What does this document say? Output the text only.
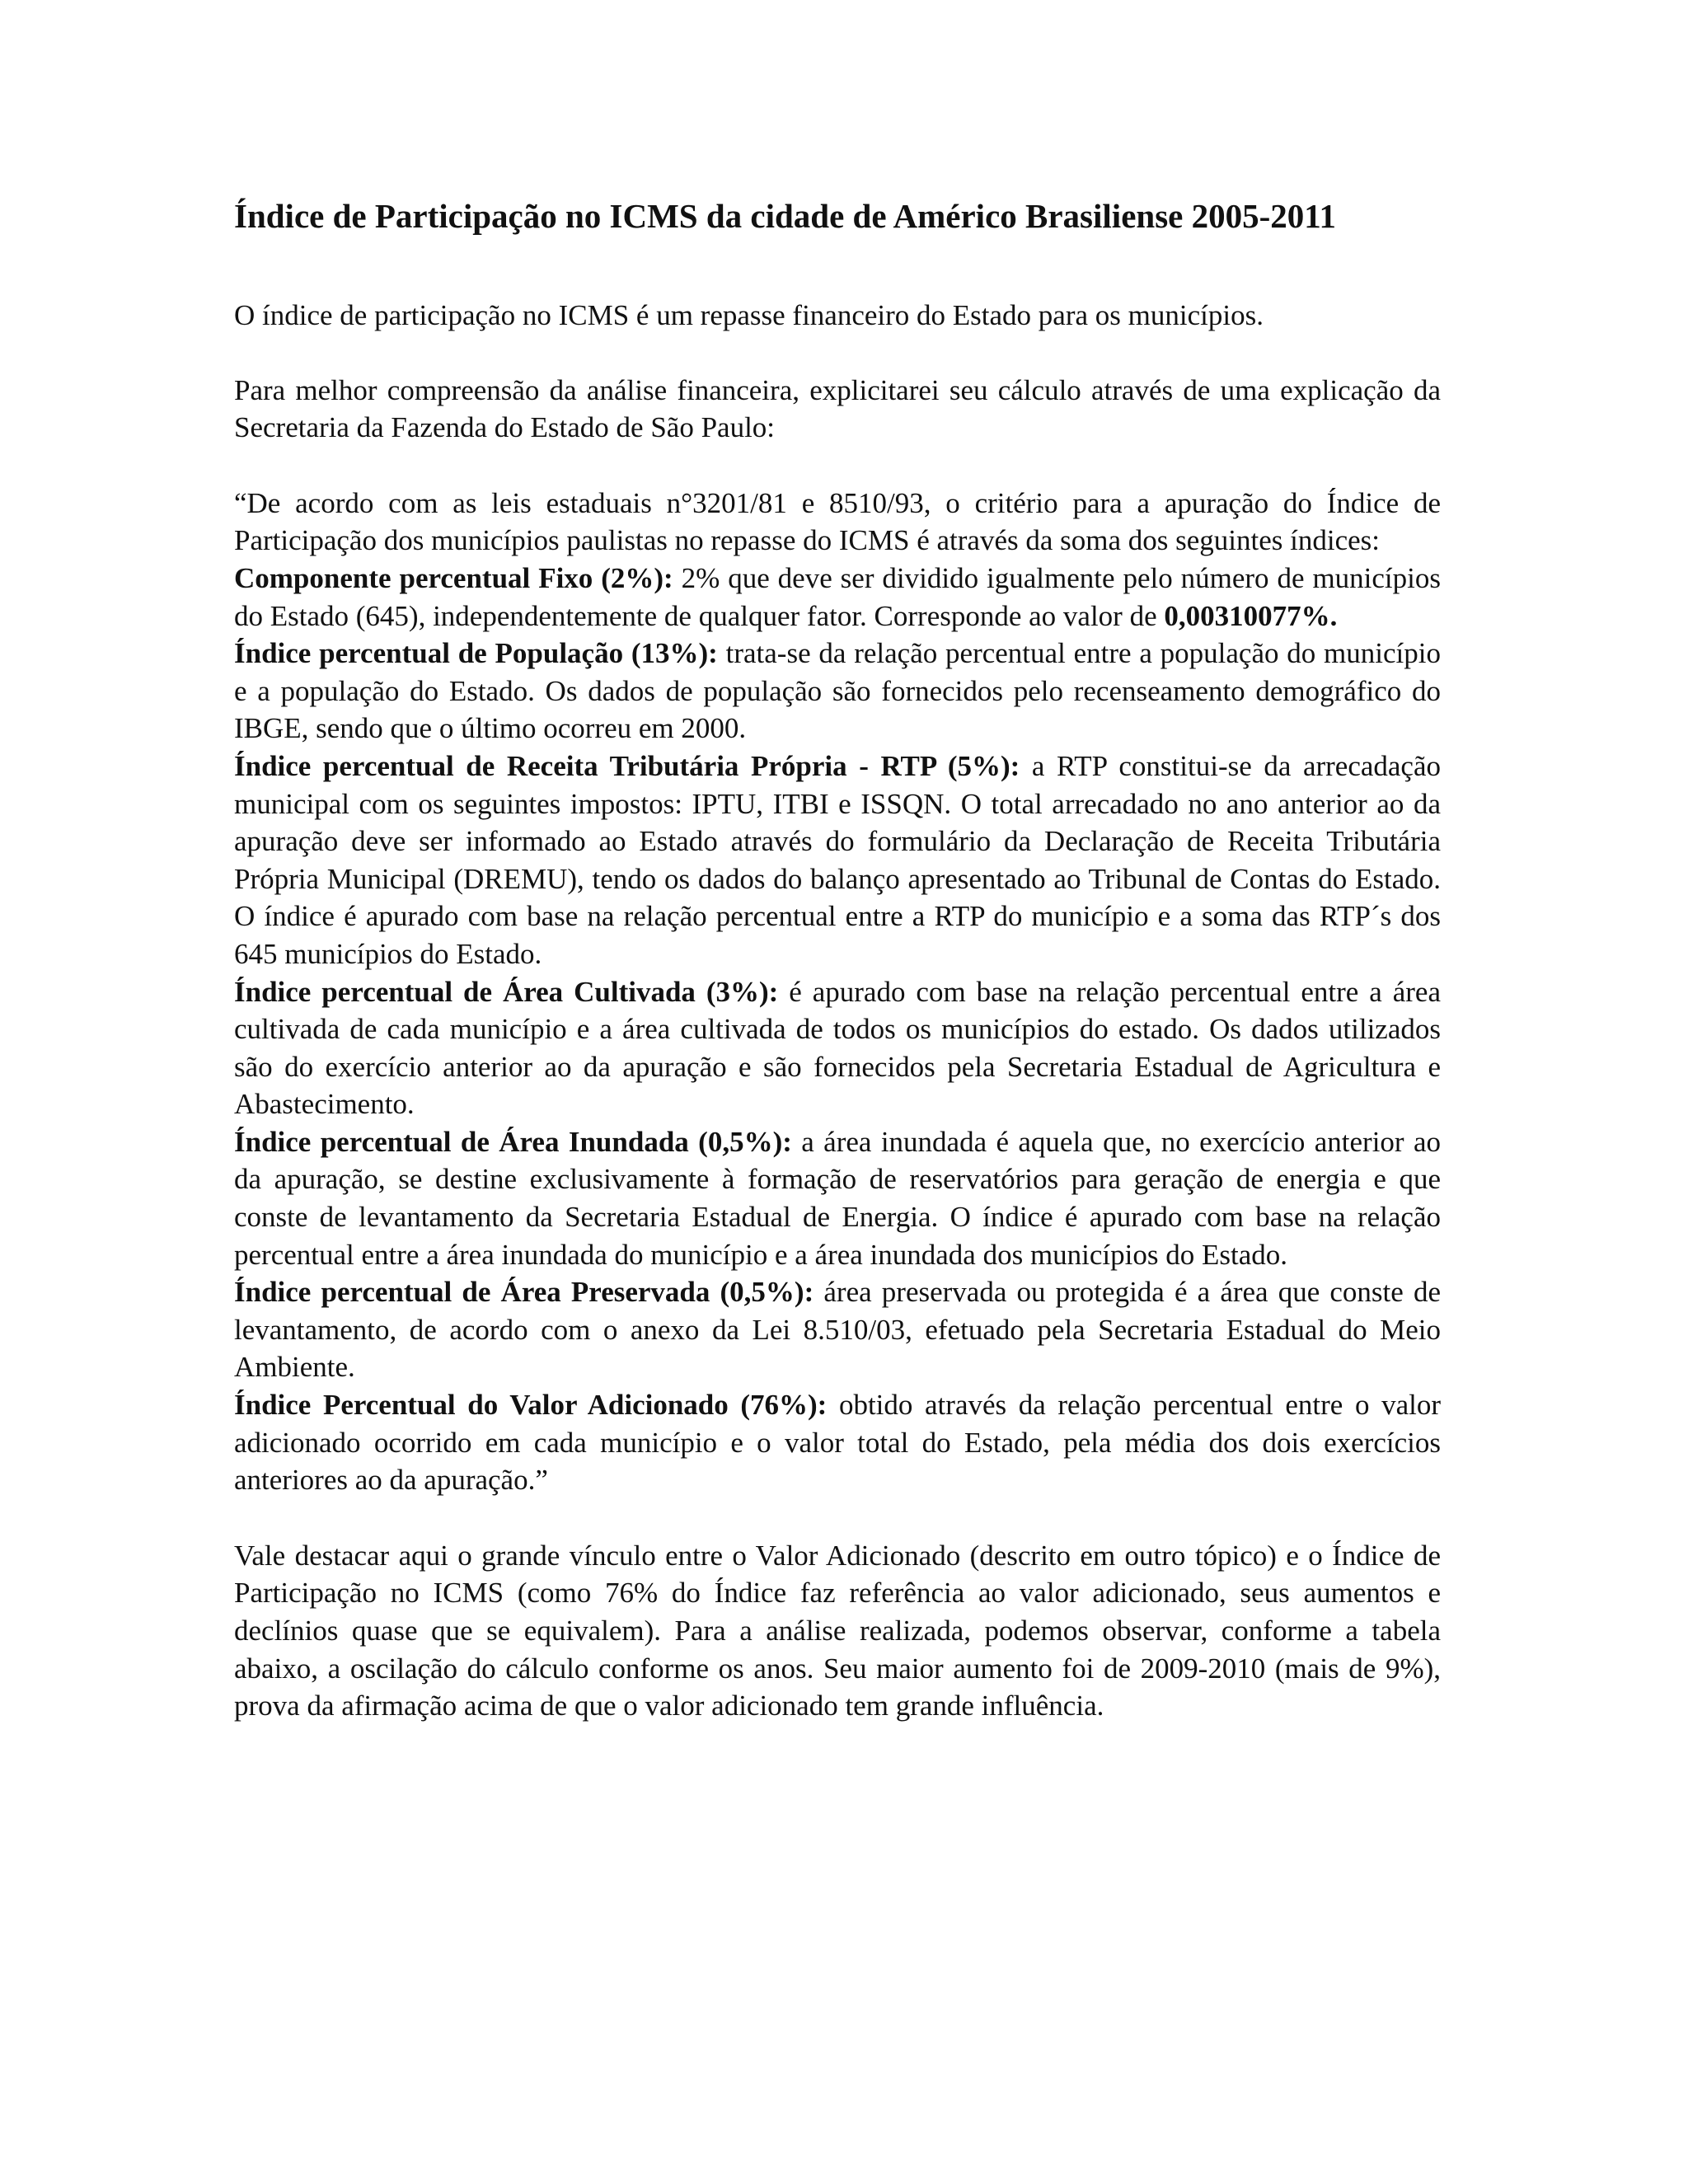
Índice de Participação no ICMS da cidade de Américo Brasiliense 2005-2011

O índice de participação no ICMS é um repasse financeiro do Estado para os municípios.

Para melhor compreensão da análise financeira, explicitarei seu cálculo através de uma explicação da Secretaria da Fazenda do Estado de São Paulo:

“De acordo com as leis estaduais n°3201/81 e 8510/93, o critério para a apuração do Índice de Participação dos municípios paulistas no repasse do ICMS é através da soma dos seguintes índices:

Componente percentual Fixo (2%): 2% que deve ser dividido igualmente pelo número de municípios do Estado (645), independentemente de qualquer fator. Corresponde ao valor de 0,00310077%.

Índice percentual de População (13%): trata-se da relação percentual entre a população do município e a população do Estado. Os dados de população são fornecidos pelo recenseamento demográfico do IBGE, sendo que o último ocorreu em 2000.

Índice percentual de Receita Tributária Própria - RTP (5%): a RTP constitui-se da arrecadação municipal com os seguintes impostos: IPTU, ITBI e ISSQN. O total arrecadado no ano anterior ao da apuração deve ser informado ao Estado através do formulário da Declaração de Receita Tributária Própria Municipal (DREMU), tendo os dados do balanço apresentado ao Tribunal de Contas do Estado. O índice é apurado com base na relação percentual entre a RTP do município e a soma das RTP´s dos 645 municípios do Estado.

Índice percentual de Área Cultivada (3%): é apurado com base na relação percentual entre a área cultivada de cada município e a área cultivada de todos os municípios do estado. Os dados utilizados são do exercício anterior ao da apuração e são fornecidos pela Secretaria Estadual de Agricultura e Abastecimento.

Índice percentual de Área Inundada (0,5%): a área inundada é aquela que, no exercício anterior ao da apuração, se destine exclusivamente à formação de reservatórios para geração de energia e que conste de levantamento da Secretaria Estadual de Energia. O índice é apurado com base na relação percentual entre a área inundada do município e a área inundada dos municípios do Estado.

Índice percentual de Área Preservada (0,5%): área preservada ou protegida é a área que conste de levantamento, de acordo com o anexo da Lei 8.510/03, efetuado pela Secretaria Estadual do Meio Ambiente.

Índice Percentual do Valor Adicionado (76%): obtido através da relação percentual entre o valor adicionado ocorrido em cada município e o valor total do Estado, pela média dos dois exercícios anteriores ao da apuração.”

Vale destacar aqui o grande vínculo entre o Valor Adicionado (descrito em outro tópico) e o Índice de Participação no ICMS (como 76% do Índice faz referência ao valor adicionado, seus aumentos e declínios quase que se equivalem). Para a análise realizada, podemos observar, conforme a tabela abaixo, a oscilação do cálculo conforme os anos. Seu maior aumento foi de 2009-2010 (mais de 9%), prova da afirmação acima de que o valor adicionado tem grande influência.
